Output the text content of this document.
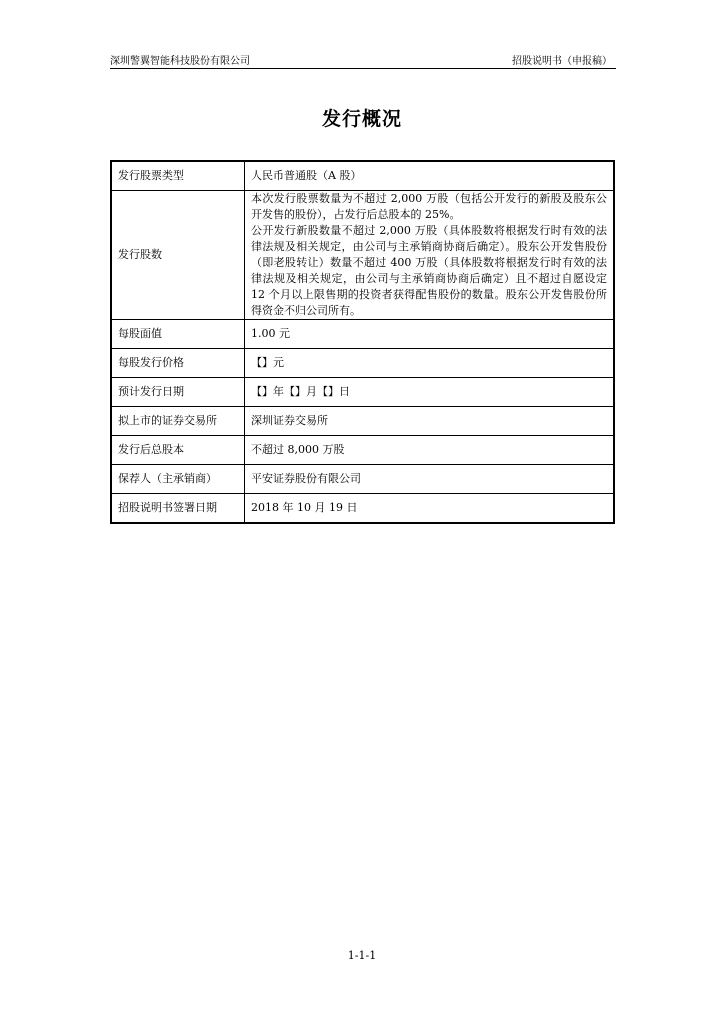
深圳警翼智能科技股份有限公司	招股说明书（申报稿）
发行概况
发行股票类型	人民币普通股（A 股）
发行股数	本次发行股票数量为不超过 2,000 万股（包括公开发行的新股及股东公开发售的股份），占发行后总股本的 25%。
公开发行新股数量不超过 2,000 万股（具体股数将根据发行时有效的法律法规及相关规定，由公司与主承销商协商后确定）。股东公开发售股份（即老股转让）数量不超过 400 万股（具体股数将根据发行时有效的法律法规及相关规定，由公司与主承销商协商后确定）且不超过自愿设定 12 个月以上限售期的投资者获得配售股份的数量。股东公开发售股份所得资金不归公司所有。

每股面值	1.00 元
每股发行价格	【】元
预计发行日期	【】年【】月【】日
拟上市的证券交易所	深圳证券交易所
发行后总股本	不超过 8,000 万股
保荐人（主承销商）	平安证券股份有限公司
招股说明书签署日期	2018 年 10 月 19 日
1-1-1
